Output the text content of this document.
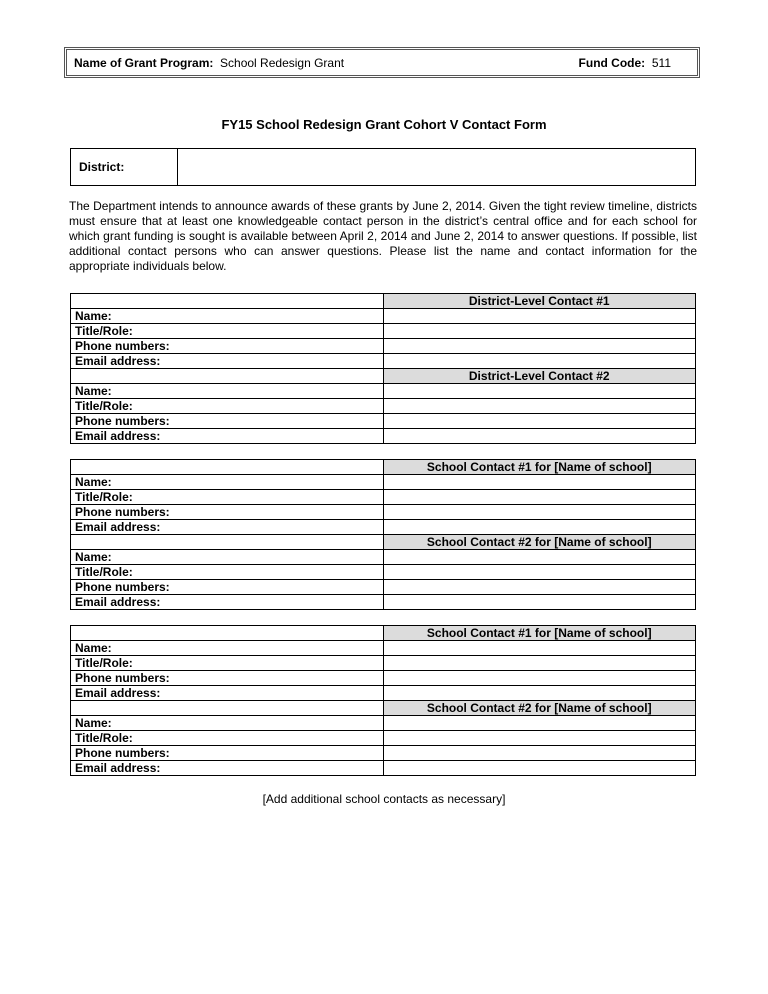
Name of Grant Program: School Redesign Grant	Fund Code: 511
FY15 School Redesign Grant Cohort V Contact Form
District:
The Department intends to announce awards of these grants by June 2, 2014. Given the tight review timeline, districts must ensure that at least one knowledgeable contact person in the district’s central office and for each school for which grant funding is sought is available between April 2, 2014 and June 2, 2014 to answer questions. If possible, list additional contact persons who can answer questions. Please list the name and contact information for the appropriate individuals below.
	District-Level Contact #1
Name:	
Title/Role:	
Phone numbers:	
Email address:	
	District-Level Contact #2
Name:	
Title/Role:	
Phone numbers:	
Email address:	
	School Contact #1 for [Name of school]
Name:	
Title/Role:	
Phone numbers:	
Email address:	
	School Contact #2 for [Name of school]
Name:	
Title/Role:	
Phone numbers:	
Email address:	
	School Contact #1 for [Name of school]
Name:	
Title/Role:	
Phone numbers:	
Email address:	
	School Contact #2 for [Name of school]
Name:	
Title/Role:	
Phone numbers:	
Email address:	
[Add additional school contacts as necessary]
